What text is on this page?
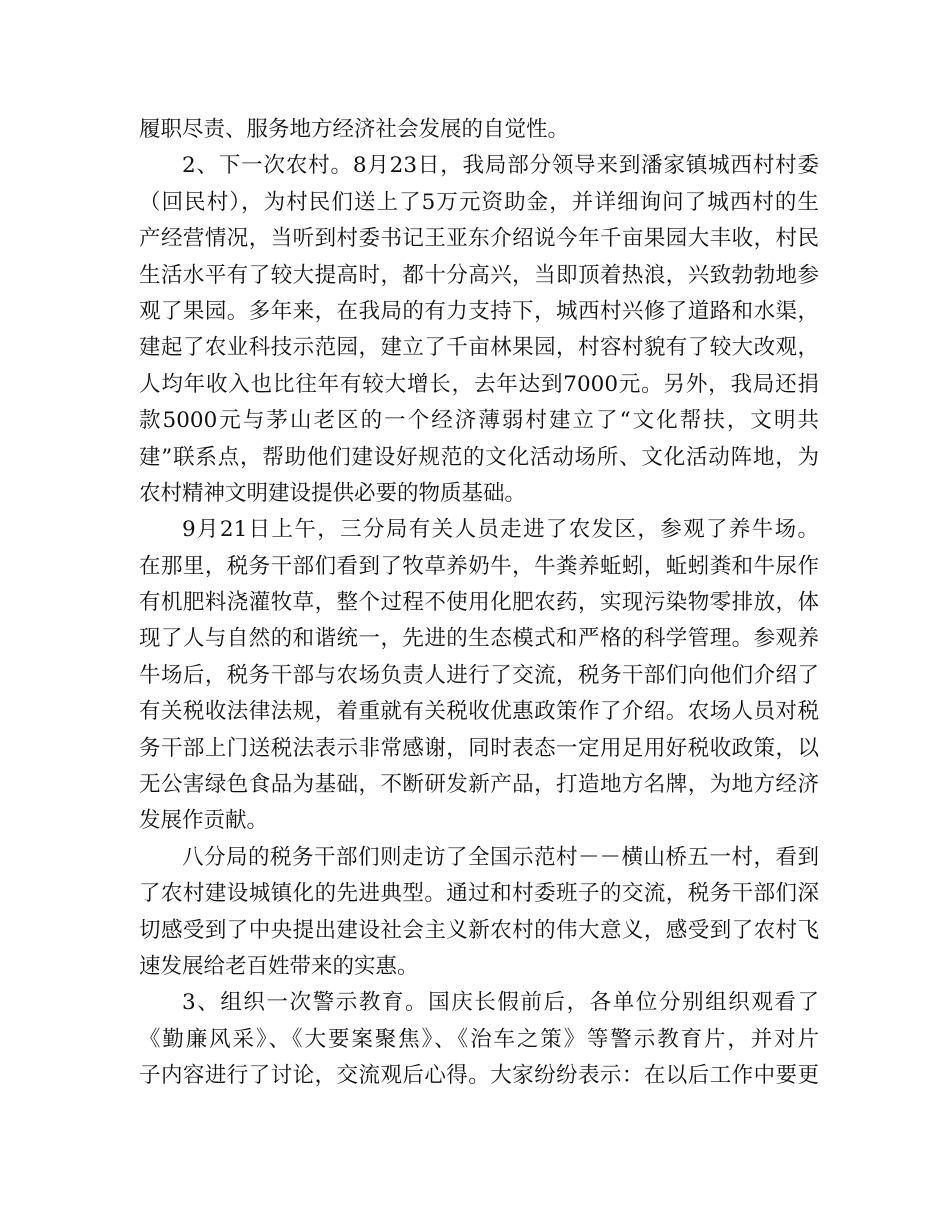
履职尽责、服务地方经济社会发展的自觉性。
2、下一次农村。8月23日，我局部分领导来到潘家镇城西村村委
（回民村），为村民们送上了5万元资助金，并详细询问了城西村的生
产经营情况，当听到村委书记王亚东介绍说今年千亩果园大丰收，村民
生活水平有了较大提高时，都十分高兴，当即顶着热浪，兴致勃勃地参
观了果园。多年来，在我局的有力支持下，城西村兴修了道路和水渠，
建起了农业科技示范园，建立了千亩林果园，村容村貌有了较大改观，
人均年收入也比往年有较大增长，去年达到7000元。另外，我局还捐
款5000元与茅山老区的一个经济薄弱村建立了“文化帮扶，文明共
建”联系点，帮助他们建设好规范的文化活动场所、文化活动阵地，为
农村精神文明建设提供必要的物质基础。
9月21日上午，三分局有关人员走进了农发区，参观了养牛场。
在那里，税务干部们看到了牧草养奶牛，牛粪养蚯蚓，蚯蚓粪和牛尿作
有机肥料浇灌牧草，整个过程不使用化肥农药，实现污染物零排放，体
现了人与自然的和谐统一，先进的生态模式和严格的科学管理。参观养
牛场后，税务干部与农场负责人进行了交流，税务干部们向他们介绍了
有关税收法律法规，着重就有关税收优惠政策作了介绍。农场人员对税
务干部上门送税法表示非常感谢，同时表态一定用足用好税收政策，以
无公害绿色食品为基础，不断研发新产品，打造地方名牌，为地方经济
发展作贡献。
八分局的税务干部们则走访了全国示范村－－横山桥五一村，看到
了农村建设城镇化的先进典型。通过和村委班子的交流，税务干部们深
切感受到了中央提出建设社会主义新农村的伟大意义，感受到了农村飞
速发展给老百姓带来的实惠。
3、组织一次警示教育。国庆长假前后，各单位分别组织观看了
《勤廉风采》、《大要案聚焦》、《治车之策》等警示教育片，并对片
子内容进行了讨论，交流观后心得。大家纷纷表示：在以后工作中要更
